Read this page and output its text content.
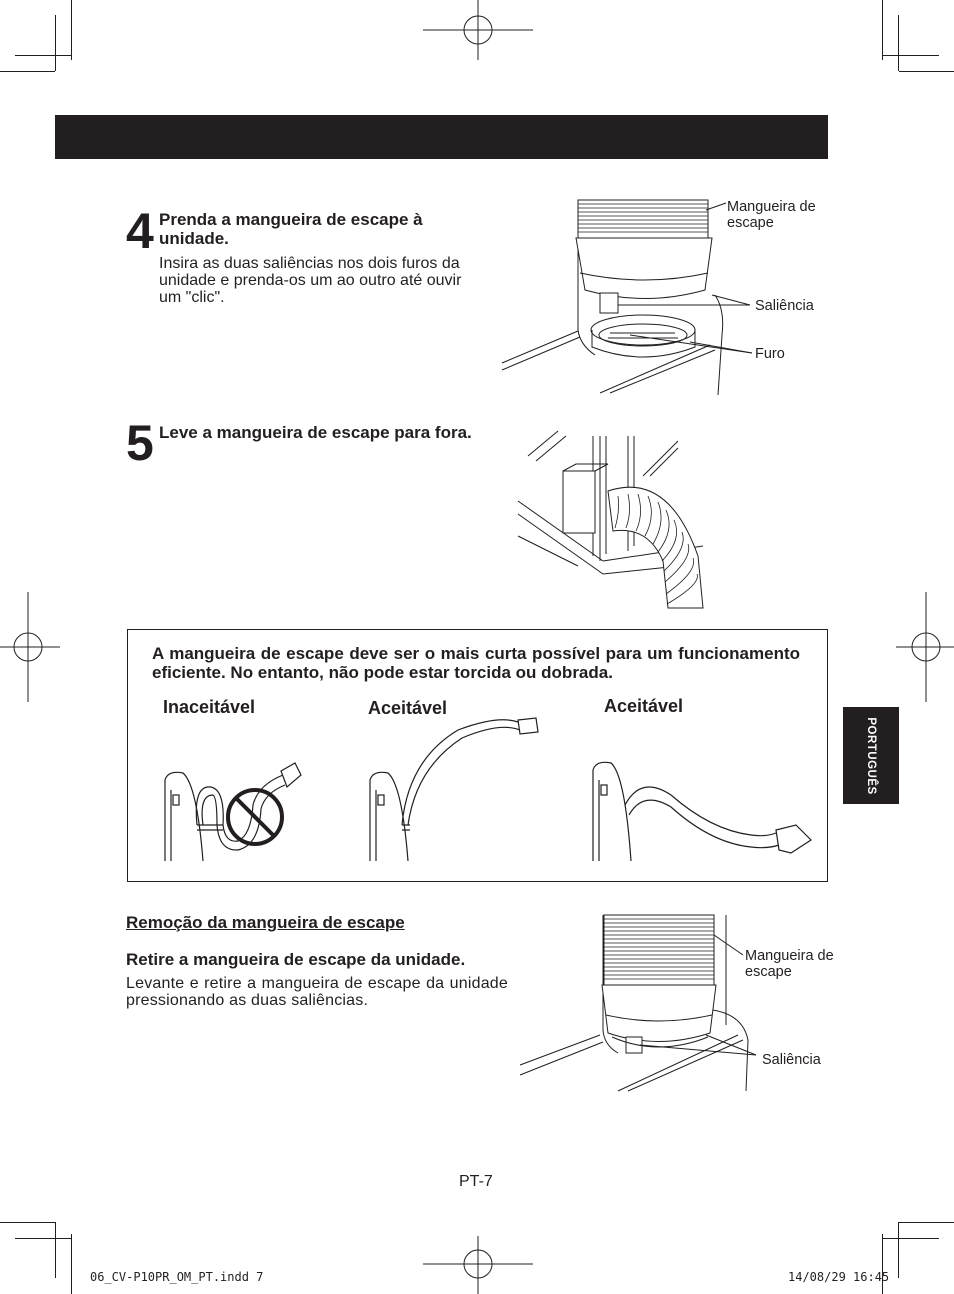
4 Prenda a mangueira de escape à unidade.
Insira as duas saliências nos dois furos da unidade e prenda-os um ao outro até ouvir um "clic".
Mangueira de escape
Saliência
Furo
5 Leve a mangueira de escape para fora.
A mangueira de escape deve ser o mais curta possível para um funcionamento eficiente. No entanto, não pode estar torcida ou dobrada.
Inaceitável	Aceitável	Aceitável
PORTUGUÊS
Remoção da mangueira de escape
Retire a mangueira de escape da unidade.
Levante e retire a mangueira de escape da unidade pressionando as duas saliências.
Mangueira de escape
Saliência
PT-7
06_CV-P10PR_OM_PT.indd 7	14/08/29 16:45
